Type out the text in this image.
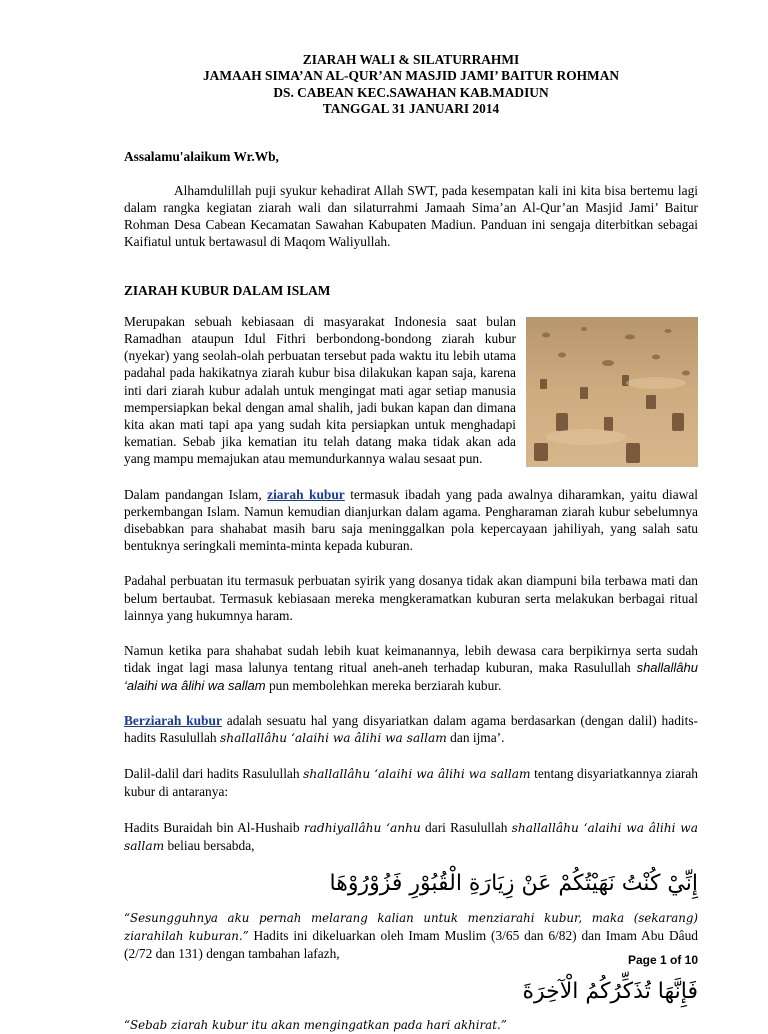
ZIARAH WALI & SILATURRAHMI
JAMAAH SIMA’AN AL-QUR’AN MASJID JAMI’ BAITUR ROHMAN
DS. CABEAN KEC.SAWAHAN KAB.MADIUN
TANGGAL 31 JANUARI 2014
Assalamu'alaikum Wr.Wb,

Alhamdulillah puji syukur kehadirat Allah SWT, pada kesempatan kali ini kita bisa bertemu lagi dalam rangka kegiatan ziarah wali dan silaturrahmi Jamaah Sima’an Al-Qur’an Masjid Jami’ Baitur Rohman Desa Cabean Kecamatan Sawahan Kabupaten Madiun. Panduan ini sengaja diterbitkan sebagai Kaifiatul untuk bertawasul di Maqom Waliyullah.

ZIARAH KUBUR DALAM ISLAM
Merupakan sebuah kebiasaan di masyarakat Indonesia saat bulan Ramadhan ataupun Idul Fithri berbondong-bondong ziarah kubur (nyekar) yang seolah-olah perbuatan tersebut pada waktu itu lebih utama padahal pada hakikatnya ziarah kubur bisa dilakukan kapan saja, karena inti dari ziarah kubur adalah untuk mengingat mati agar setiap manusia mempersiapkan bekal dengan amal shalih, jadi bukan kapan dan dimana kita akan mati tapi apa yang sudah kita persiapkan untuk menghadapi kematian. Sebab jika kematian itu telah datang maka tidak akan ada yang mampu memajukan atau memundurkannya walau sesaat pun.

Dalam pandangan Islam, ziarah kubur termasuk ibadah yang pada awalnya diharamkan, yaitu diawal perkembangan Islam. Namun kemudian dianjurkan dalam agama. Pengharaman ziarah kubur sebelumnya disebabkan para shahabat masih baru saja meninggalkan pola kepercayaan jahiliyah, yang salah satu bentuknya seringkali meminta-minta kepada kuburan.

Padahal perbuatan itu termasuk perbuatan syirik yang dosanya tidak akan diampuni bila terbawa mati dan belum bertaubat. Termasuk kebiasaan mereka mengkeramatkan kuburan serta melakukan berbagai ritual lainnya yang hukumnya haram.

Namun ketika para shahabat sudah lebih kuat keimanannya, lebih dewasa cara berpikirnya serta sudah tidak ingat lagi masa lalunya tentang ritual aneh-aneh terhadap kuburan, maka Rasulullah shallallâhu ‘alaihi wa âlihi wa sallam pun membolehkan mereka berziarah kubur.

Berziarah kubur adalah sesuatu hal yang disyariatkan dalam agama berdasarkan (dengan dalil) hadits-hadits Rasulullah shallallâhu ‘alaihi wa âlihi wa sallam dan ijma’.

Dalil-dalil dari hadits Rasulullah shallallâhu ‘alaihi wa âlihi wa sallam tentang disyariatkannya ziarah kubur di antaranya:

Hadits Buraidah bin Al-Hushaib radhiyallâhu ‘anhu dari Rasulullah shallallâhu ‘alaihi wa âlihi wa sallam beliau bersabda,

إِنِّيْ كُنْتُ نَهَيْتُكُمْ عَنْ زِيَارَةِ الْقُبُوْرِ فَزُوْرُوْهَا

“Sesungguhnya aku pernah melarang kalian untuk menziarahi kubur, maka (sekarang) ziarahilah kuburan.” Hadits ini dikeluarkan oleh Imam Muslim (3/65 dan 6/82) dan Imam Abu Dâud (2/72 dan 131) dengan tambahan lafazh,

فَإِنَّهَا تُذَكِّرُكُمُ الْآخِرَةَ

“Sebab ziarah kubur itu akan mengingatkan pada hari akhirat.”

Page 1 of 10
